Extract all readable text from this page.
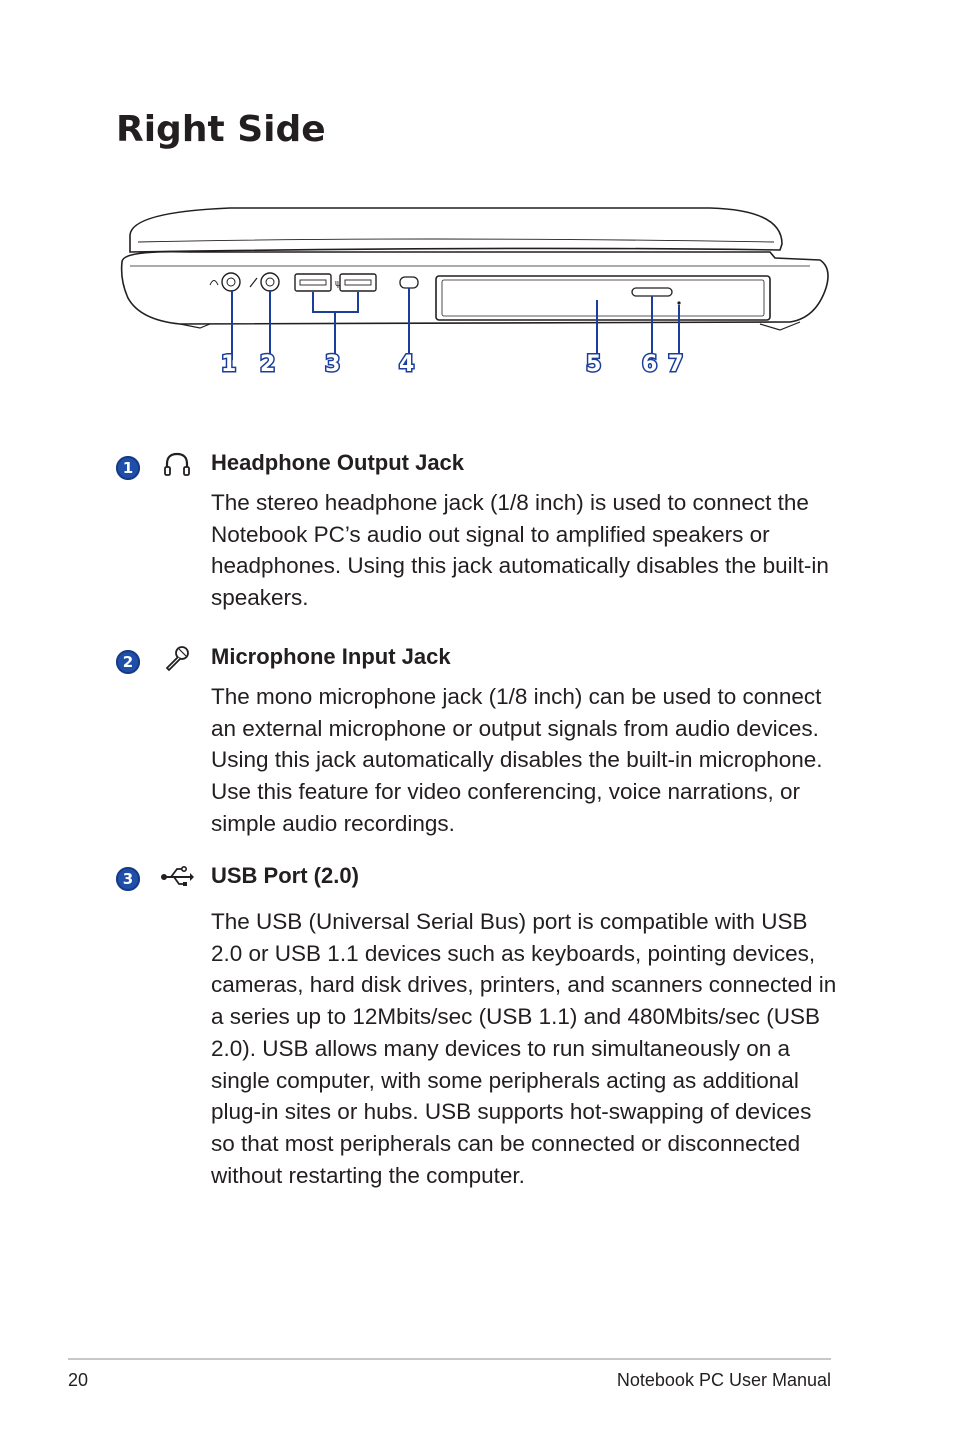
Right Side
ψ
1 2 3	4	5 6 7
1	Headphone Output Jack

The stereo headphone jack (1/8 inch) is used to connect the Notebook PC’s audio out signal to amplified speakers or headphones. Using this jack automatically disables the built-in speakers.

2	Microphone Input Jack

The mono microphone jack (1/8 inch) can be used to connect an external microphone or output signals from audio devices. Using this jack automatically disables the built-in microphone. Use this feature for video conferencing, voice narrations, or simple audio recordings.

3	USB Port (2.0)

The USB (Universal Serial Bus) port is compatible with USB 2.0 or USB 1.1 devices such as keyboards, pointing devices, cameras, hard disk drives, printers, and scanners connected in a series up to 12Mbits/sec (USB 1.1) and 480Mbits/sec (USB 2.0). USB allows many devices to run simultaneously on a single computer, with some peripherals acting as additional plug-in sites or hubs. USB supports hot-swapping of devices so that most peripherals can be connected or disconnected without restarting the computer.

20	Notebook PC User Manual
